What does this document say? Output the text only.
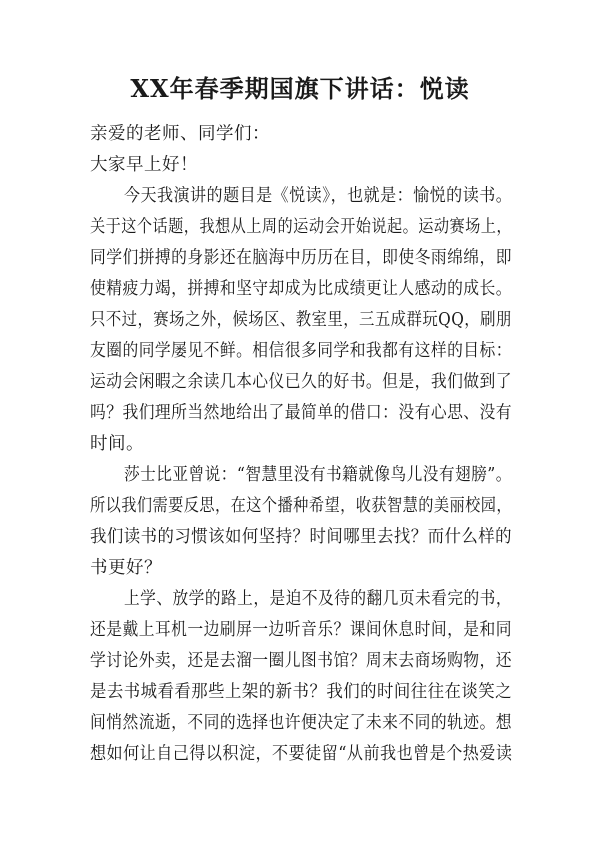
XX年春季期国旗下讲话：悦读
亲爱的老师、同学们：
大家早上好！
今天我演讲的题目是《悦读》，也就是：愉悦的读书。
关于这个话题，我想从上周的运动会开始说起。运动赛场上，
同学们拼搏的身影还在脑海中历历在目，即使冬雨绵绵，即
使精疲力竭，拼搏和坚守却成为比成绩更让人感动的成长。
只不过，赛场之外，候场区、教室里，三五成群玩QQ，刷朋
友圈的同学屡见不鲜。相信很多同学和我都有这样的目标：
运动会闲暇之余读几本心仪已久的好书。但是，我们做到了
吗？我们理所当然地给出了最简单的借口：没有心思、没有
时间。
莎士比亚曾说：“智慧里没有书籍就像鸟儿没有翅膀”。
所以我们需要反思，在这个播种希望，收获智慧的美丽校园，
我们读书的习惯该如何坚持？时间哪里去找？而什么样的
书更好？
上学、放学的路上，是迫不及待的翻几页未看完的书，
还是戴上耳机一边刷屏一边听音乐？课间休息时间，是和同
学讨论外卖，还是去溜一圈儿图书馆？周末去商场购物，还
是去书城看看那些上架的新书？我们的时间往往在谈笑之
间悄然流逝，不同的选择也许便决定了未来不同的轨迹。想
想如何让自己得以积淀，不要徒留“从前我也曾是个热爱读
